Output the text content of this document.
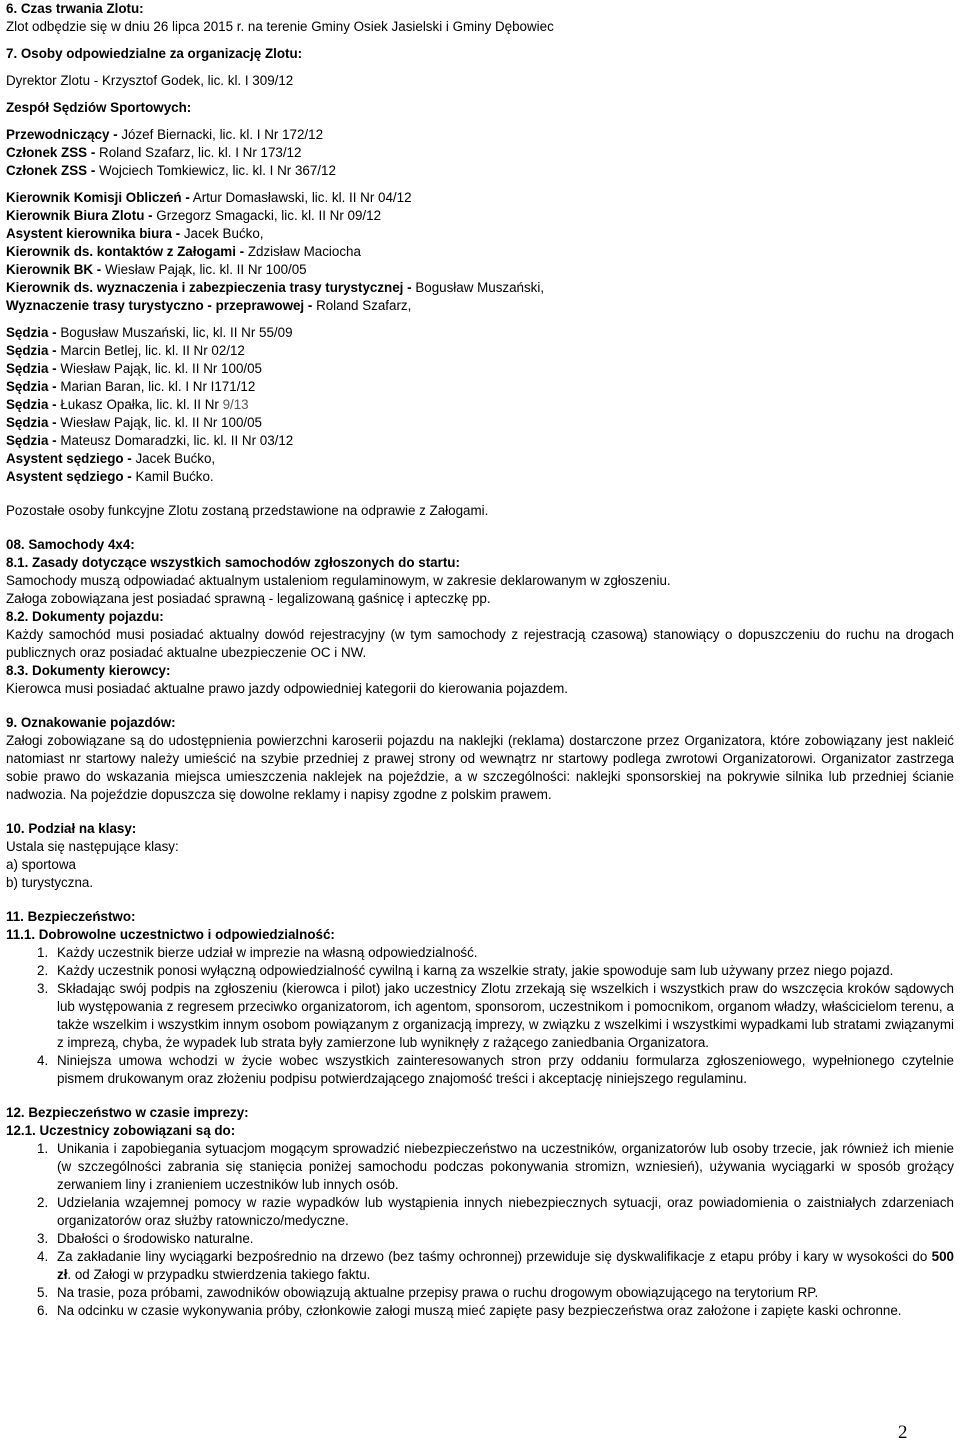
6. Czas trwania Zlotu:
Zlot odbędzie się w dniu 26 lipca 2015 r. na terenie Gminy Osiek Jasielski i Gminy Dębowiec
7. Osoby odpowiedzialne za organizację Zlotu:
Dyrektor Zlotu - Krzysztof Godek, lic. kl. I 309/12
Zespół Sędziów Sportowych:
Przewodniczący - Józef Biernacki, lic. kl. I Nr 172/12
Członek ZSS - Roland Szafarz, lic. kl. I Nr 173/12
Członek ZSS - Wojciech Tomkiewicz, lic. kl. I Nr 367/12
Kierownik Komisji Obliczeń - Artur Domasławski, lic. kl. II Nr 04/12
Kierownik Biura Zlotu - Grzegorz Smagacki, lic. kl. II Nr 09/12
Asystent kierownika biura - Jacek Bućko,
Kierownik ds. kontaktów z Załogami - Zdzisław Maciocha
Kierownik BK - Wiesław Pająk, lic. kl. II Nr 100/05
Kierownik ds. wyznaczenia i zabezpieczenia trasy turystycznej - Bogusław Muszański,
Wyznaczenie trasy turystyczno - przeprawowej - Roland Szafarz,
Sędzia - Bogusław Muszański, lic, kl. II Nr 55/09
Sędzia - Marcin Betlej, lic. kl. II Nr 02/12
Sędzia - Wiesław Pająk, lic. kl. II Nr 100/05
Sędzia - Marian Baran, lic. kl. I Nr I171/12
Sędzia - Łukasz Opałka, lic. kl. II Nr 9/13
Sędzia - Wiesław Pająk, lic. kl. II Nr 100/05
Sędzia - Mateusz Domaradzki, lic. kl. II Nr 03/12
Asystent sędziego - Jacek Bućko,
Asystent sędziego - Kamil Bućko.
Pozostałe osoby funkcyjne Zlotu zostaną przedstawione na odprawie z Załogami.
08. Samochody 4x4:
8.1. Zasady dotyczące wszystkich samochodów zgłoszonych do startu:
Samochody muszą odpowiadać aktualnym ustaleniom regulaminowym, w zakresie deklarowanym w zgłoszeniu.
Załoga zobowiązana jest posiadać sprawną - legalizowaną gaśnicę i apteczkę pp.
8.2. Dokumenty pojazdu:
Każdy samochód musi posiadać aktualny dowód rejestracyjny (w tym samochody z rejestracją czasową) stanowiący o dopuszczeniu do ruchu na drogach publicznych oraz posiadać aktualne ubezpieczenie OC i NW.
8.3. Dokumenty kierowcy:
Kierowca musi posiadać aktualne prawo jazdy odpowiedniej kategorii do kierowania pojazdem.
9. Oznakowanie pojazdów:
Załogi zobowiązane są do udostępnienia powierzchni karoserii pojazdu na naklejki (reklama) dostarczone przez Organizatora, które zobowiązany jest nakleić natomiast nr startowy należy umieścić na szybie przedniej z prawej strony od wewnątrz nr startowy podlega zwrotowi Organizatorowi. Organizator zastrzega sobie prawo do wskazania miejsca umieszczenia naklejek na pojeździe, a w szczególności: naklejki sponsorskiej na pokrywie silnika lub przedniej ścianie nadwozia. Na pojeździe dopuszcza się dowolne reklamy i napisy zgodne z polskim prawem.
10. Podział na klasy:
Ustala się następujące klasy:
a) sportowa
b) turystyczna.
11. Bezpieczeństwo:
11.1. Dobrowolne uczestnictwo i odpowiedzialność:
1. Każdy uczestnik bierze udział w imprezie na własną odpowiedzialność.
2. Każdy uczestnik ponosi wyłączną odpowiedzialność cywilną i karną za wszelkie straty, jakie spowoduje sam lub używany przez niego pojazd.
3. Składając swój podpis na zgłoszeniu (kierowca i pilot) jako uczestnicy Zlotu zrzekają się wszelkich i wszystkich praw do wszczęcia kroków sądowych lub występowania z regresem przeciwko organizatorom, ich agentom, sponsorom, uczestnikom i pomocnikom, organom władzy, właścicielom terenu, a także wszelkim i wszystkim innym osobom powiązanym z organizacją imprezy, w związku z wszelkimi i wszystkimi wypadkami lub stratami związanymi z imprezą, chyba, że wypadek lub strata były zamierzone lub wyniknęły z rażącego zaniedbania Organizatora.
4. Niniejsza umowa wchodzi w życie wobec wszystkich zainteresowanych stron przy oddaniu formularza zgłoszeniowego, wypełnionego czytelnie pismem drukowanym oraz złożeniu podpisu potwierdzającego znajomość treści i akceptację niniejszego regulaminu.
12. Bezpieczeństwo w czasie imprezy:
12.1. Uczestnicy zobowiązani są do:
1. Unikania i zapobiegania sytuacjom mogącym sprowadzić niebezpieczeństwo na uczestników, organizatorów lub osoby trzecie, jak również ich mienie (w szczególności zabrania się stanięcia poniżej samochodu podczas pokonywania stromizn, wzniesień), używania wyciągarki w sposób grożący zerwaniem liny i zranieniem uczestników lub innych osób.
2. Udzielania wzajemnej pomocy w razie wypadków lub wystąpienia innych niebezpiecznych sytuacji, oraz powiadomienia o zaistniałych zdarzeniach organizatorów oraz służby ratowniczo/medyczne.
3. Dbałości o środowisko naturalne.
4. Za zakładanie liny wyciągarki bezpośrednio na drzewo (bez taśmy ochronnej) przewiduje się dyskwalifikacje z etapu próby i kary w wysokości do 500 zł. od Załogi w przypadku stwierdzenia takiego faktu.
5. Na trasie, poza próbami, zawodników obowiązują aktualne przepisy prawa o ruchu drogowym obowiązującego na terytorium RP.
6. Na odcinku w czasie wykonywania próby, członkowie załogi muszą mieć zapięte pasy bezpieczeństwa oraz założone i zapięte kaski ochronne.
2
